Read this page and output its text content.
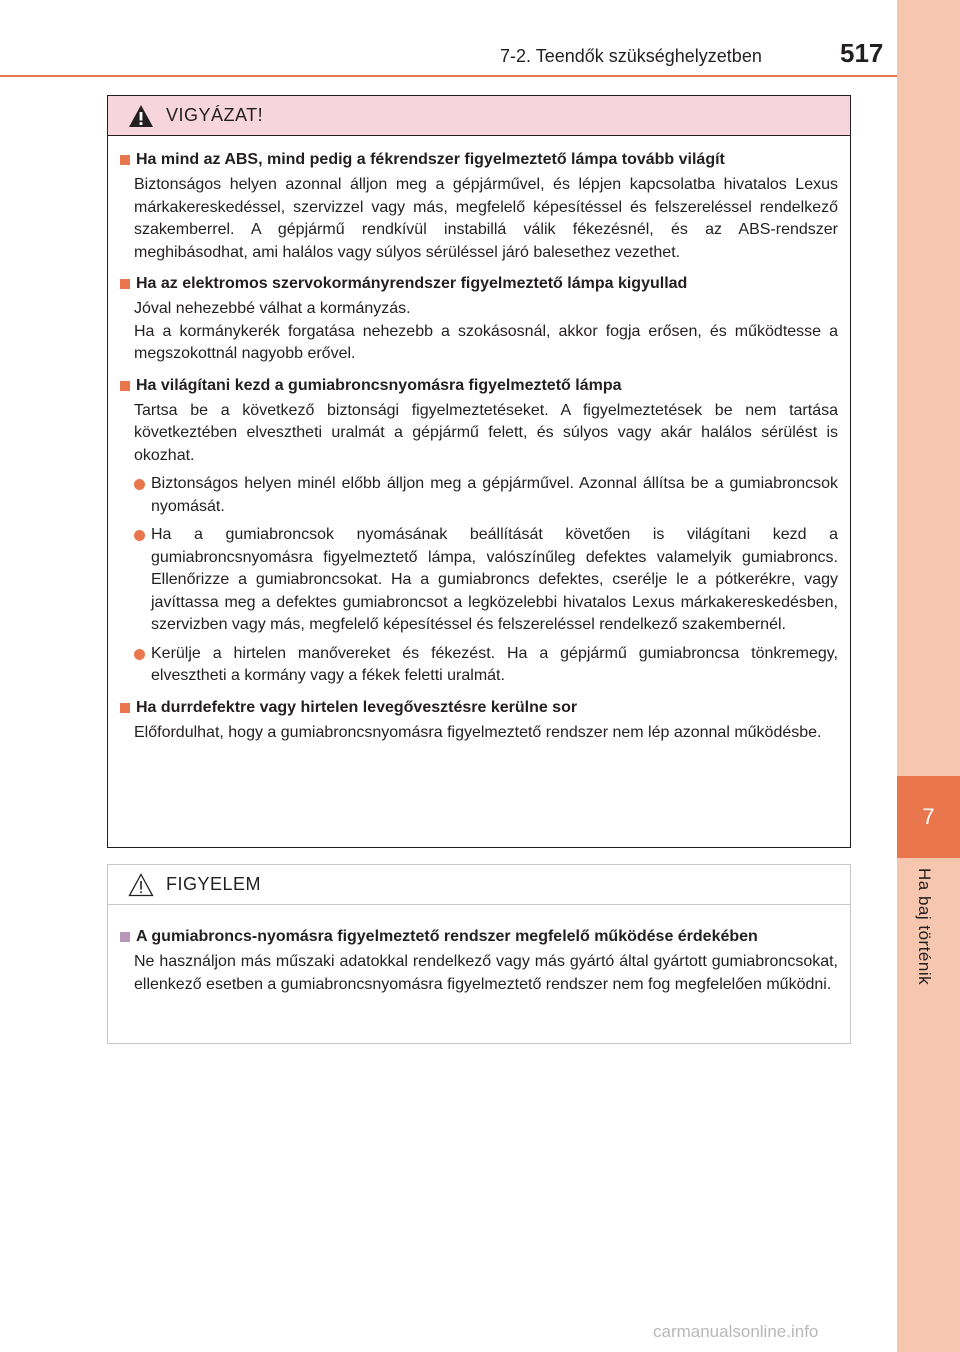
7
Ha baj történik
7-2. Teendők szükséghelyzetben	517
VIGYÁZAT!
Ha mind az ABS, mind pedig a fékrendszer figyelmeztető lámpa tovább világít
Biztonságos helyen azonnal álljon meg a gépjárművel, és lépjen kapcsolatba hivatalos Lexus márkakereskedéssel, szervizzel vagy más, megfelelő képesítéssel és felszereléssel rendelkező szakemberrel. A gépjármű rendkívül instabillá válik fékezésnél, és az ABS-rendszer meghibásodhat, ami halálos vagy súlyos sérüléssel járó balesethez vezethet.
Ha az elektromos szervokormányrendszer figyelmeztető lámpa kigyullad
Jóval nehezebbé válhat a kormányzás.
Ha a kormánykerék forgatása nehezebb a szokásosnál, akkor fogja erősen, és működtesse a megszokottnál nagyobb erővel.
Ha világítani kezd a gumiabroncsnyomásra figyelmeztető lámpa
Tartsa be a következő biztonsági figyelmeztetéseket. A figyelmeztetések be nem tartása következtében elvesztheti uralmát a gépjármű felett, és súlyos vagy akár halálos sérülést is okozhat.
Biztonságos helyen minél előbb álljon meg a gépjárművel. Azonnal állítsa be a gumiabroncsok nyomását.
Ha a gumiabroncsok nyomásának beállítását követően is világítani kezd a gumiabroncsnyomásra figyelmeztető lámpa, valószínűleg defektes valamelyik gumiabroncs. Ellenőrizze a gumiabroncsokat. Ha a gumiabroncs defektes, cserélje le a pótkerékre, vagy javíttassa meg a defektes gumiabroncsot a legközelebbi hivatalos Lexus márkakereskedésben, szervizben vagy más, megfelelő képesítéssel és felszereléssel rendelkező szakembernél.
Kerülje a hirtelen manővereket és fékezést. Ha a gépjármű gumiabroncsa tönkremegy, elvesztheti a kormány vagy a fékek feletti uralmát.
Ha durrdefektre vagy hirtelen levegővesztésre kerülne sor
Előfordulhat, hogy a gumiabroncsnyomásra figyelmeztető rendszer nem lép azonnal működésbe.
FIGYELEM
A gumiabroncs-nyomásra figyelmeztető rendszer megfelelő működése érdekében
Ne használjon más műszaki adatokkal rendelkező vagy más gyártó által gyártott gumiabroncsokat, ellenkező esetben a gumiabroncsnyomásra figyelmeztető rendszer nem fog megfelelően működni.
carmanualsonline.info
